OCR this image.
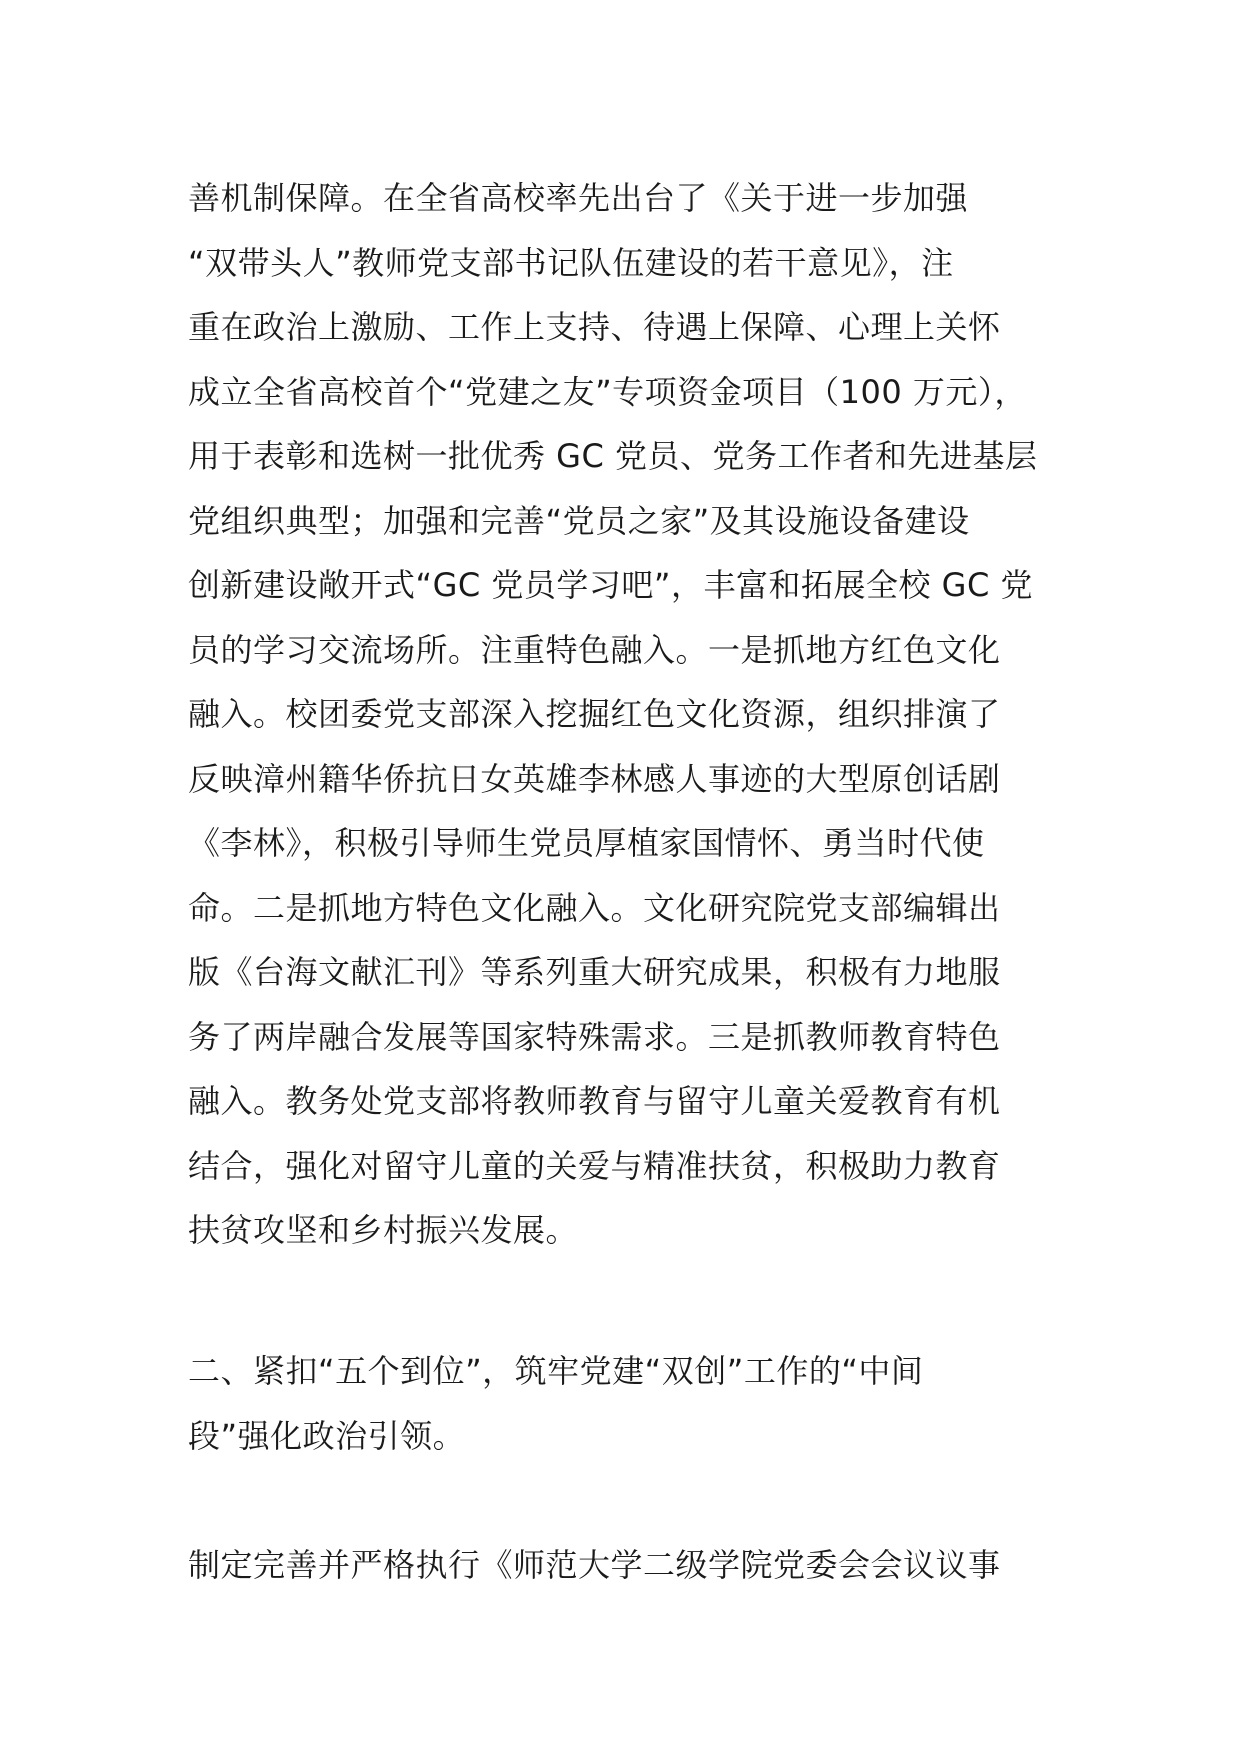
善机制保障。在全省高校率先出台了《关于进一步加强
“双带头人”教师党支部书记队伍建设的若干意见》，注
重在政治上激励、工作上支持、待遇上保障、心理上关怀
成立全省高校首个“党建之友”专项资金项目（100 万元），
用于表彰和选树一批优秀 GC 党员、党务工作者和先进基层
党组织典型；加强和完善“党员之家”及其设施设备建设
创新建设敞开式“GC 党员学习吧”，丰富和拓展全校 GC 党
员的学习交流场所。注重特色融入。一是抓地方红色文化
融入。校团委党支部深入挖掘红色文化资源，组织排演了
反映漳州籍华侨抗日女英雄李林感人事迹的大型原创话剧
《李林》，积极引导师生党员厚植家国情怀、勇当时代使
命。二是抓地方特色文化融入。文化研究院党支部编辑出
版《台海文献汇刊》等系列重大研究成果，积极有力地服
务了两岸融合发展等国家特殊需求。三是抓教师教育特色
融入。教务处党支部将教师教育与留守儿童关爱教育有机
结合，强化对留守儿童的关爱与精准扶贫，积极助力教育
扶贫攻坚和乡村振兴发展。
二、紧扣“五个到位”，筑牢党建“双创”工作的“中间
段”强化政治引领。
制定完善并严格执行《师范大学二级学院党委会会议议事
